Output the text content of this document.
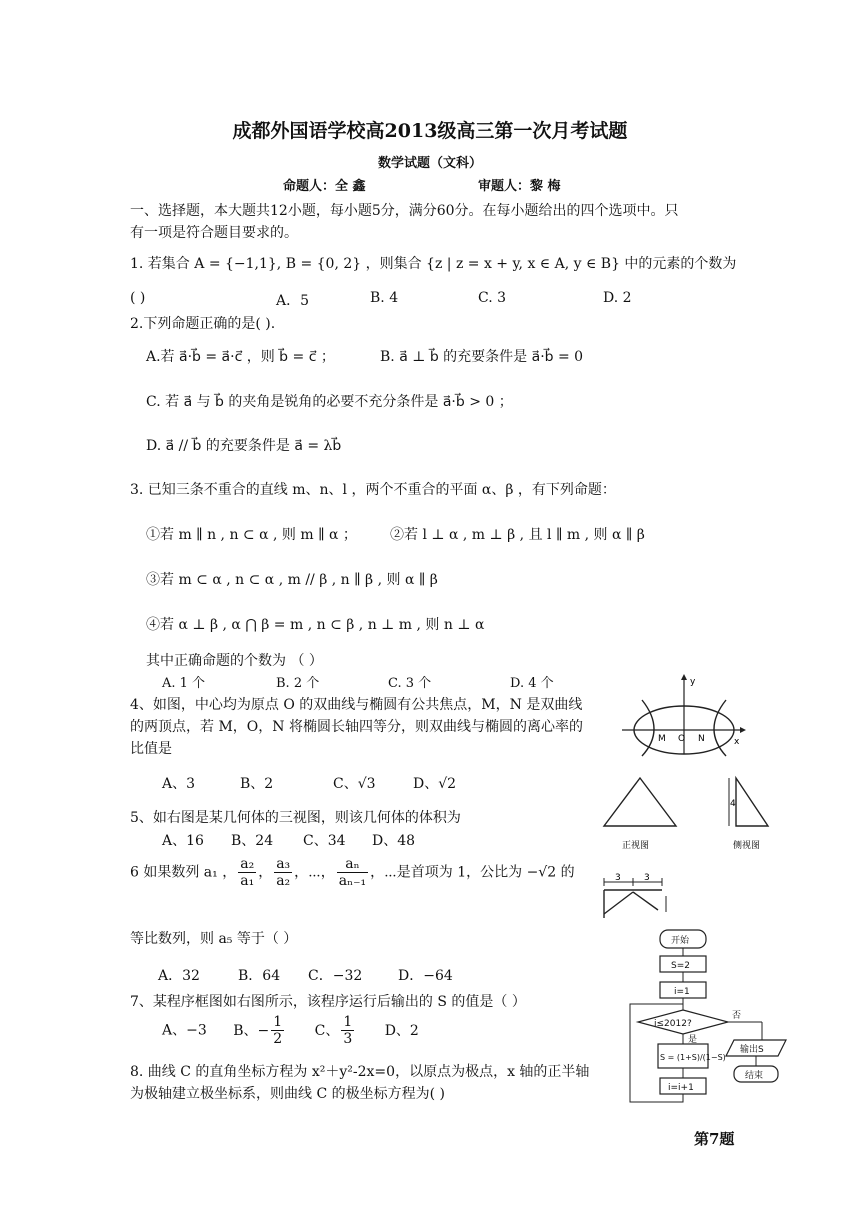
成都外国语学校高2013级高三第一次月考试题
数学试题（文科）
命题人：全 鑫	审题人：黎 梅
一、选择题，本大题共12小题，每小题5分，满分60分。在每小题给出的四个选项中。只
有一项是符合题目要求的。
1. 若集合 A = {−1,1}, B = {0, 2} ，则集合 {z | z = x + y, x ∈ A, y ∈ B} 中的元素的个数为
( )	A．5	B. 4	C. 3	D. 2
2.下列命题正确的是( ).
A.若 a⃗·b⃗ = a⃗·c⃗ ，则 b⃗ = c⃗ ；	B. a⃗ ⊥ b⃗ 的充要条件是 a⃗·b⃗ = 0
C. 若 a⃗ 与 b⃗ 的夹角是锐角的必要不充分条件是 a⃗·b⃗ > 0 ；
D. a⃗ // b⃗ 的充要条件是 a⃗ = λb⃗
3. 已知三条不重合的直线 m、n、l ，两个不重合的平面 α、β ，有下列命题：
①若 m ∥ n , n ⊂ α , 则 m ∥ α ； ②若 l ⊥ α , m ⊥ β , 且 l ∥ m , 则 α ∥ β
③若 m ⊂ α , n ⊂ α , m // β , n ∥ β , 则 α ∥ β
④若 α ⊥ β , α ⋂ β = m , n ⊂ β , n ⊥ m , 则 n ⊥ α
其中正确命题的个数为 （ ）
A. 1 个	B. 2 个	C. 3 个	D. 4 个
4、如图，中心均为原点 O 的双曲线与椭圆有公共焦点，M，N 是双曲线
的两顶点，若 M，O，N 将椭圆长轴四等分，则双曲线与椭圆的离心率的
比值是
A、3	B、2	C、√3	D、√2
y
M O N	x
5、如右图是某几何体的三视图，则该几何体的体积为
A、16 B、24 C、34 D、48	正视图
4
侧视图
3	3
6 如果数列 a₁ ， $\frac{\text{a₂}}{\text{a₁}}$ ， $\frac{\text{a₃}}{\text{a₂}}$ ，⋯， $\frac{\text{aₙ}}{\text{aₙ₋₁}}$ ，⋯是首项为 1，公比为 −√2 的
等比数列，则 a₅ 等于（ ）
A．32	B．64 C．−32	D．−64
7、某程序框图如右图所示，该程序运行后输出的 S 的值是（ ）
A、−3 B、− $\frac{1}{2}$ C、 $\frac{1}{3}$ D、2
开始
S=2
i=1
i≤2012?
否
输出S
结束
是
S = (1+S)/(1−S)
i=i+1
第7题
8. 曲线 C 的直角坐标方程为 x²＋y²-2x=0，以原点为极点，x 轴的正半轴
为极轴建立极坐标系，则曲线 C 的极坐标方程为( )
